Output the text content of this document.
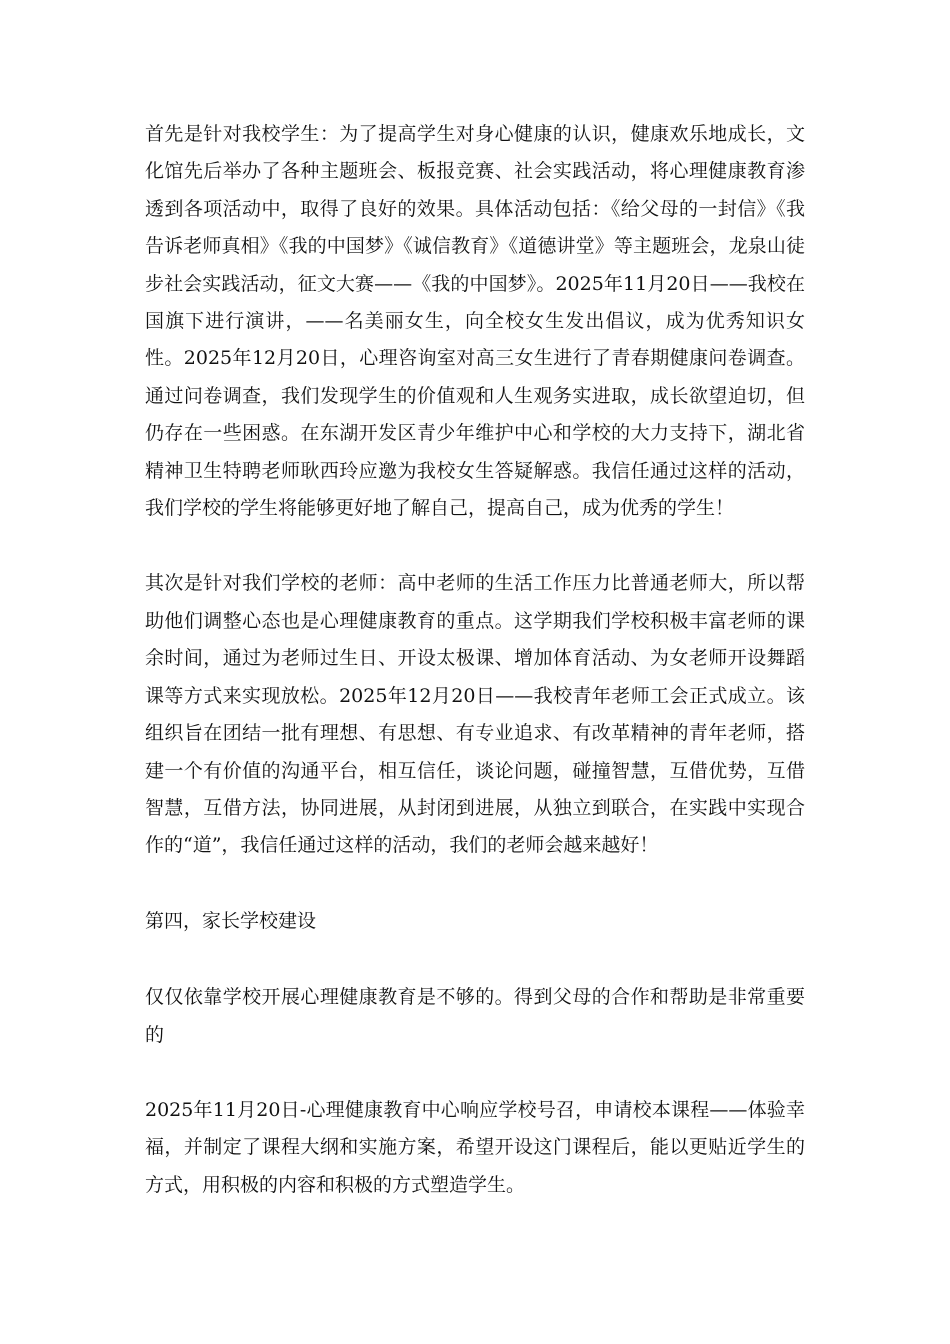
首先是针对我校学生：为了提高学生对身心健康的认识，健康欢乐地成长，文化馆先后举办了各种主题班会、板报竞赛、社会实践活动，将心理健康教育渗透到各项活动中，取得了良好的效果。具体活动包括：《给父母的一封信》《我告诉老师真相》《我的中国梦》《诚信教育》《道德讲堂》等主题班会，龙泉山徒步社会实践活动，征文大赛——《我的中国梦》。2025年11月20日——我校在国旗下进行演讲，——名美丽女生，向全校女生发出倡议，成为优秀知识女性。2025年12月20日，心理咨询室对高三女生进行了青春期健康问卷调查。通过问卷调查，我们发现学生的价值观和人生观务实进取，成长欲望迫切，但仍存在一些困惑。在东湖开发区青少年维护中心和学校的大力支持下，湖北省精神卫生特聘老师耿西玲应邀为我校女生答疑解惑。我信任通过这样的活动，我们学校的学生将能够更好地了解自己，提高自己，成为优秀的学生！

其次是针对我们学校的老师：高中老师的生活工作压力比普通老师大，所以帮助他们调整心态也是心理健康教育的重点。这学期我们学校积极丰富老师的课余时间，通过为老师过生日、开设太极课、增加体育活动、为女老师开设舞蹈课等方式来实现放松。2025年12月20日——我校青年老师工会正式成立。该组织旨在团结一批有理想、有思想、有专业追求、有改革精神的青年老师，搭建一个有价值的沟通平台，相互信任，谈论问题，碰撞智慧，互借优势，互借智慧，互借方法，协同进展，从封闭到进展，从独立到联合，在实践中实现合作的“道”，我信任通过这样的活动，我们的老师会越来越好！

第四，家长学校建设

仅仅依靠学校开展心理健康教育是不够的。得到父母的合作和帮助是非常重要的

2025年11月20日-心理健康教育中心响应学校号召，申请校本课程——体验幸福，并制定了课程大纲和实施方案，希望开设这门课程后，能以更贴近学生的方式，用积极的内容和积极的方式塑造学生。
